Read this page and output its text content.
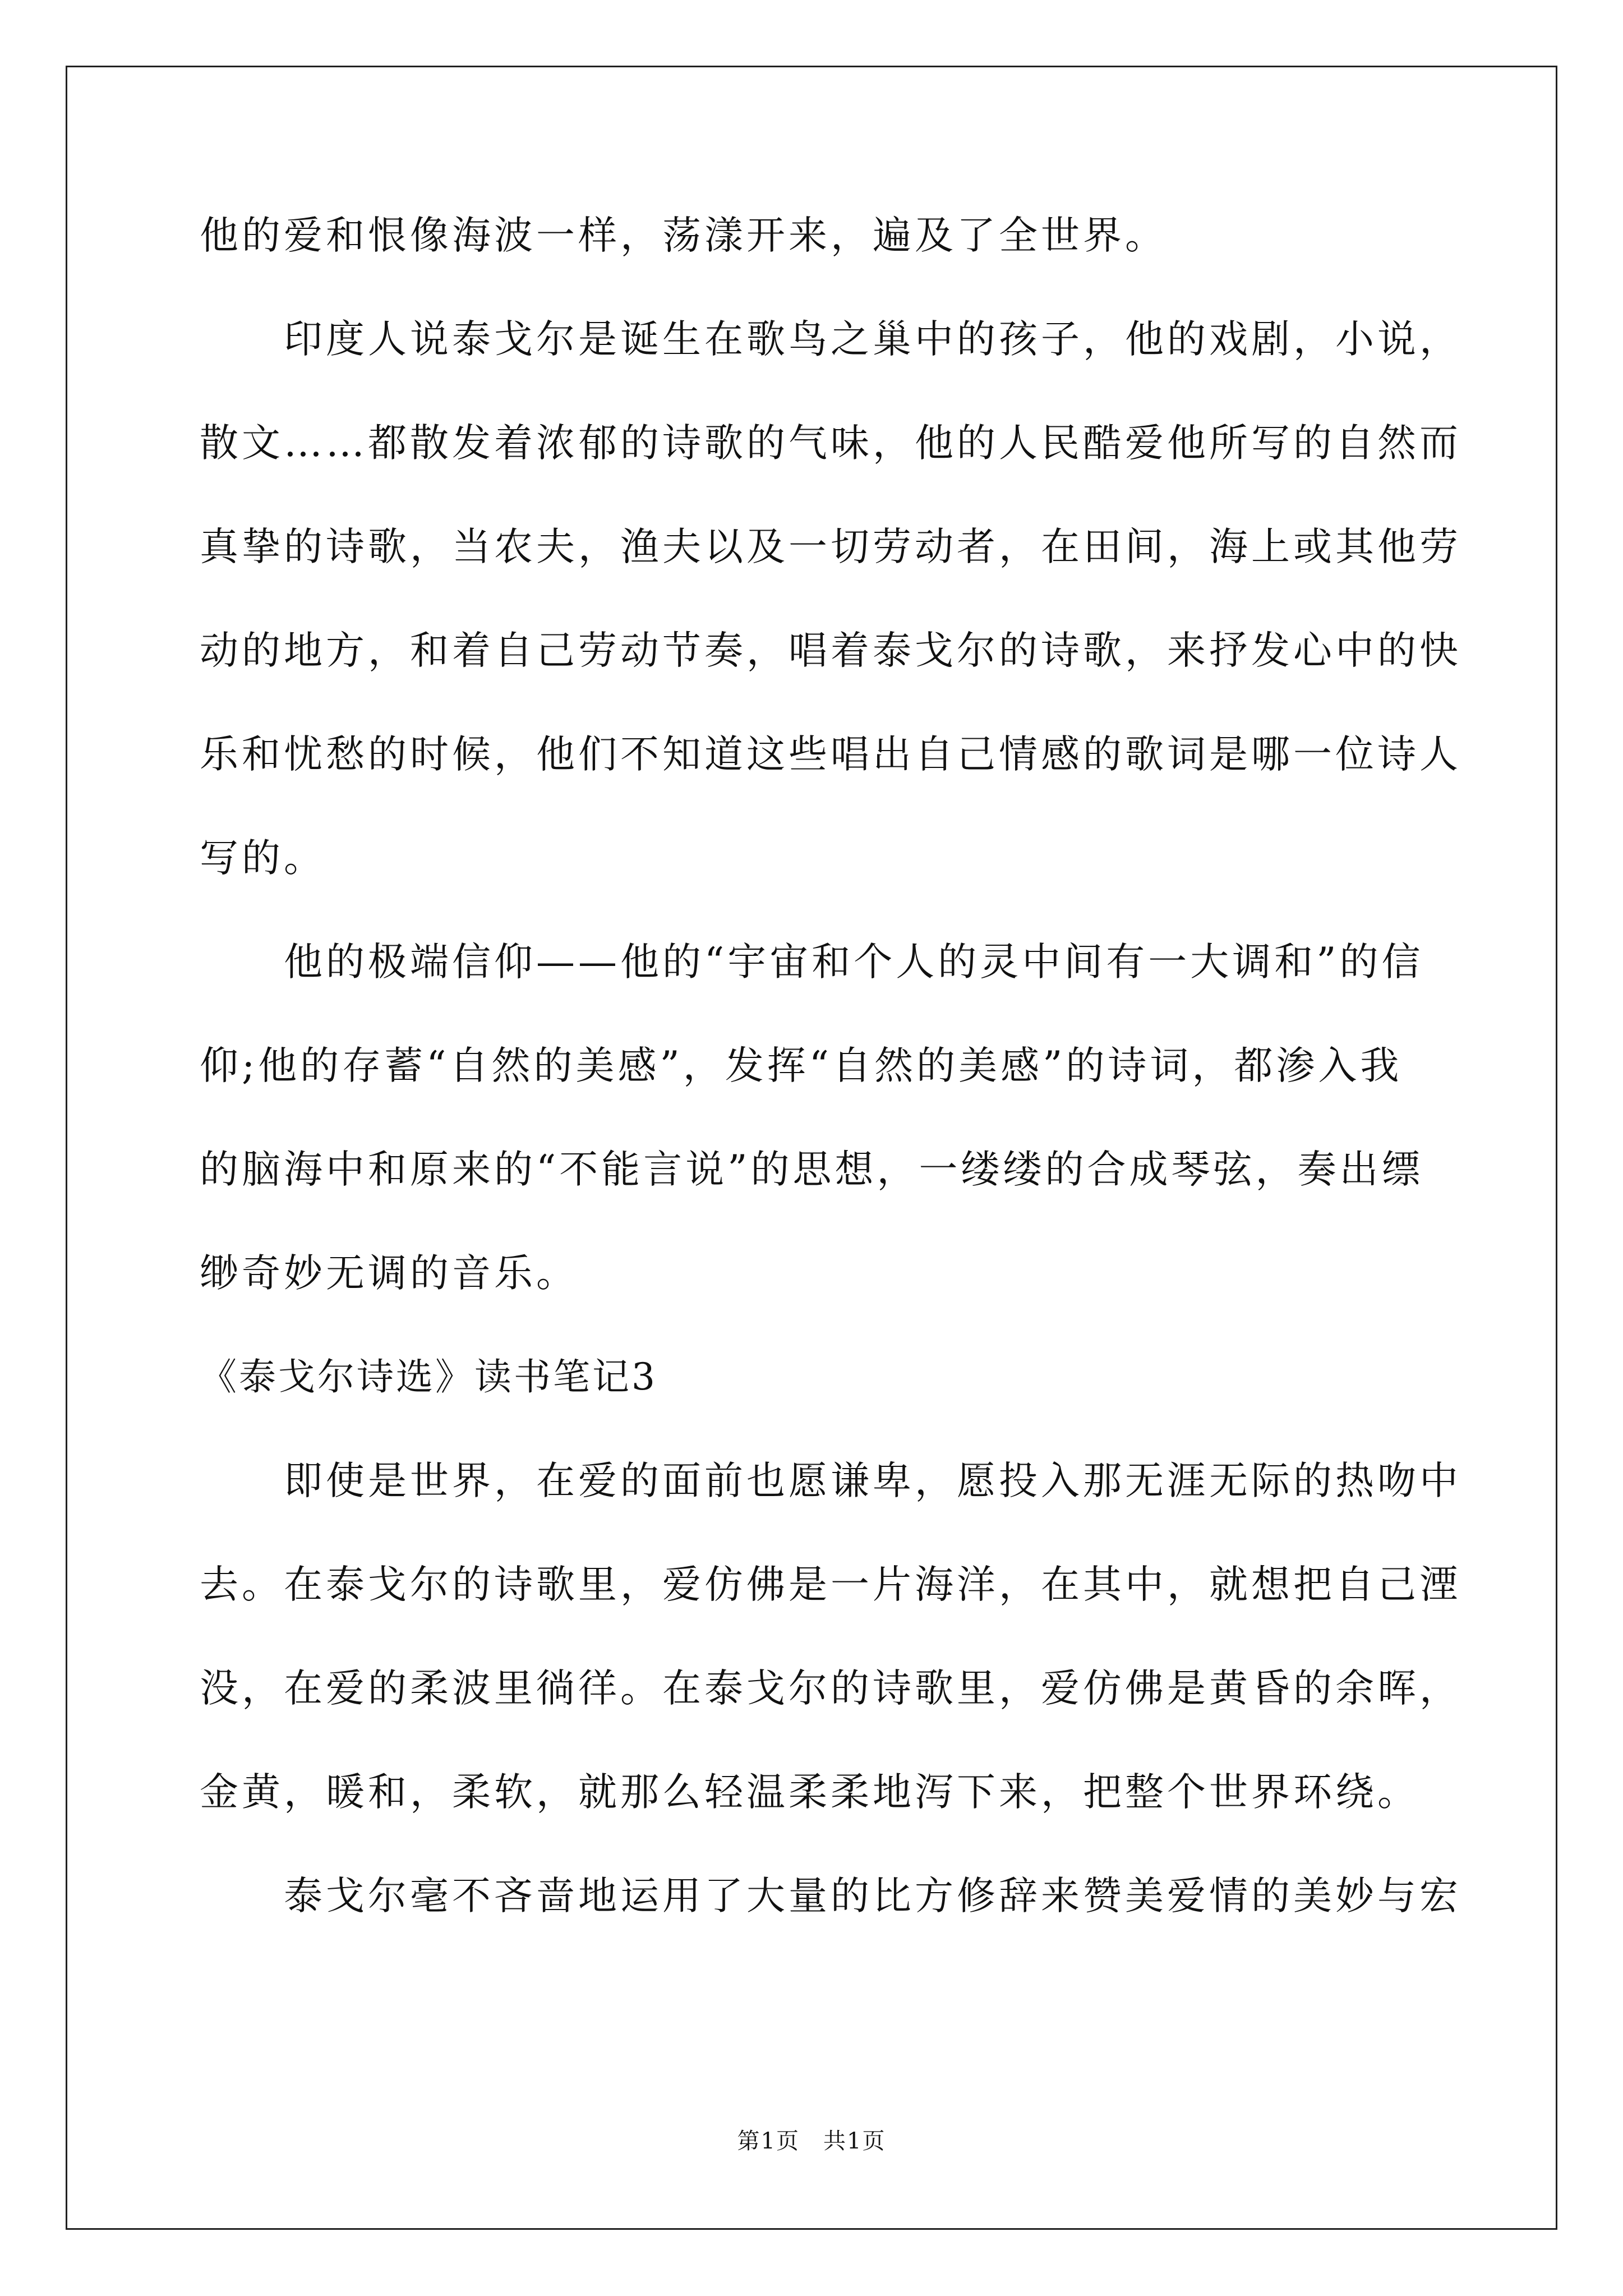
他的爱和恨像海波一样，荡漾开来，遍及了全世界。
　　印度人说泰戈尔是诞生在歌鸟之巢中的孩子，他的戏剧，小说，
散文……都散发着浓郁的诗歌的气味，他的人民酷爱他所写的自然而
真挚的诗歌，当农夫，渔夫以及一切劳动者，在田间，海上或其他劳
动的地方，和着自己劳动节奏，唱着泰戈尔的诗歌，来抒发心中的快
乐和忧愁的时候，他们不知道这些唱出自己情感的歌词是哪一位诗人
写的。
　　他的极端信仰——他的“宇宙和个人的灵中间有一大调和”的信
仰;他的存蓄“自然的美感”，发挥“自然的美感”的诗词，都渗入我
的脑海中和原来的“不能言说”的思想，一缕缕的合成琴弦，奏出缥
缈奇妙无调的音乐。
《泰戈尔诗选》读书笔记3
　　即使是世界，在爱的面前也愿谦卑，愿投入那无涯无际的热吻中
去。在泰戈尔的诗歌里，爱仿佛是一片海洋，在其中，就想把自己湮
没，在爱的柔波里徜徉。在泰戈尔的诗歌里，爱仿佛是黄昏的余晖，
金黄，暖和，柔软，就那么轻温柔柔地泻下来，把整个世界环绕。
　　泰戈尔毫不吝啬地运用了大量的比方修辞来赞美爱情的美妙与宏
第1页　共1页
